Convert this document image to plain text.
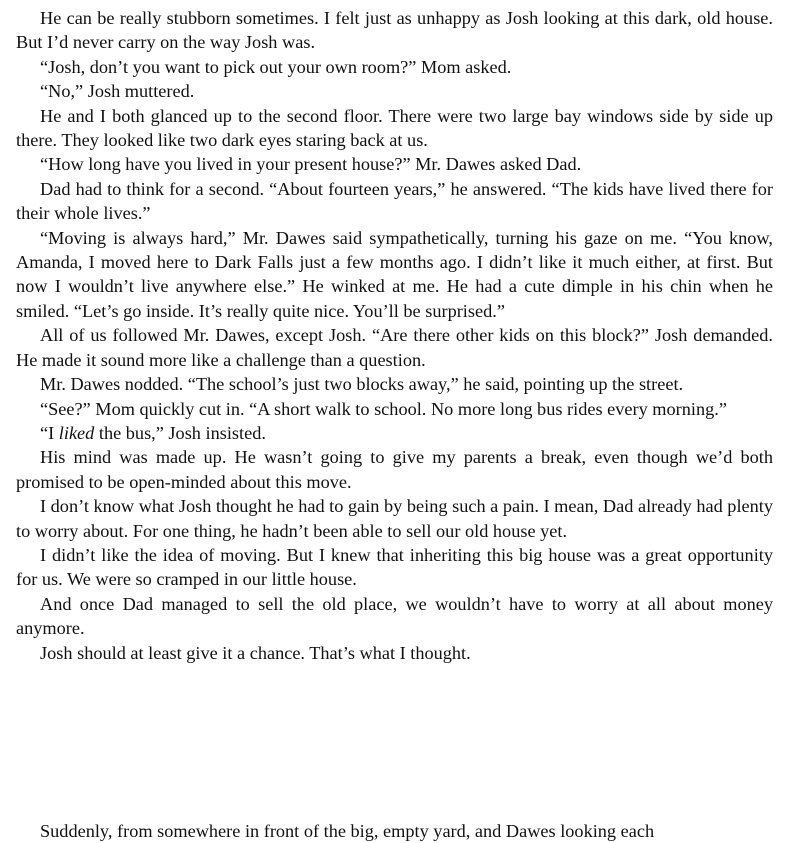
He can be really stubborn sometimes. I felt just as unhappy as Josh looking at this dark, old house. But I’d never carry on the way Josh was.

“Josh, don’t you want to pick out your own room?” Mom asked.

“No,” Josh muttered.

He and I both glanced up to the second floor. There were two large bay windows side by side up there. They looked like two dark eyes staring back at us.

“How long have you lived in your present house?” Mr. Dawes asked Dad.

Dad had to think for a second. “About fourteen years,” he answered. “The kids have lived there for their whole lives.”

“Moving is always hard,” Mr. Dawes said sympathetically, turning his gaze on me. “You know, Amanda, I moved here to Dark Falls just a few months ago. I didn’t like it much either, at first. But now I wouldn’t live anywhere else.” He winked at me. He had a cute dimple in his chin when he smiled. “Let’s go inside. It’s really quite nice. You’ll be surprised.”

All of us followed Mr. Dawes, except Josh. “Are there other kids on this block?” Josh demanded. He made it sound more like a challenge than a question.

Mr. Dawes nodded. “The school’s just two blocks away,” he said, pointing up the street.

“See?” Mom quickly cut in. “A short walk to school. No more long bus rides every morning.”

“I liked the bus,” Josh insisted.

His mind was made up. He wasn’t going to give my parents a break, even though we’d both promised to be open-minded about this move.

I don’t know what Josh thought he had to gain by being such a pain. I mean, Dad already had plenty to worry about. For one thing, he hadn’t been able to sell our old house yet.

I didn’t like the idea of moving. But I knew that inheriting this big house was a great opportunity for us. We were so cramped in our little house.

And once Dad managed to sell the old place, we wouldn’t have to worry at all about money anymore.

Josh should at least give it a chance. That’s what I thought.

Suddenly, from somewhere in front of the big, empty yard, and Dawes looking each
